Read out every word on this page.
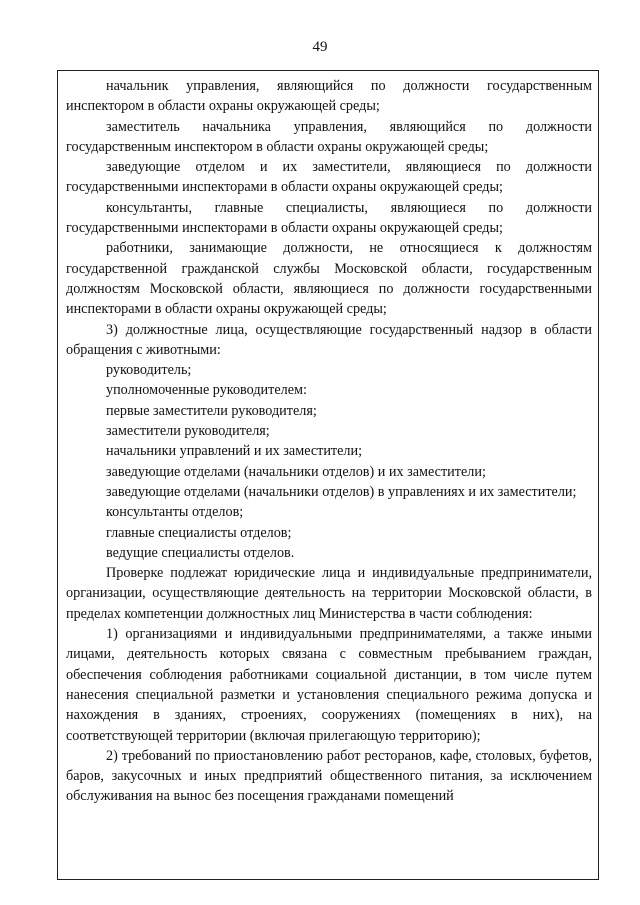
49

начальник управления, являющийся по должности государственным инспектором в области охраны окружающей среды;

заместитель начальника управления, являющийся по должности государственным инспектором в области охраны окружающей среды;

заведующие отделом и их заместители, являющиеся по должности государственными инспекторами в области охраны окружающей среды;

консультанты, главные специалисты, являющиеся по должности государственными инспекторами в области охраны окружающей среды;

работники, занимающие должности, не относящиеся к должностям государственной гражданской службы Московской области, государственным должностям Московской области, являющиеся по должности государственными инспекторами в области охраны окружающей среды;

3) должностные лица, осуществляющие государственный надзор в области обращения с животными:

руководитель;

уполномоченные руководителем:

первые заместители руководителя;

заместители руководителя;

начальники управлений и их заместители;

заведующие отделами (начальники отделов) и их заместители;

заведующие отделами (начальники отделов) в управлениях и их заместители;

консультанты отделов;

главные специалисты отделов;

ведущие специалисты отделов.

Проверке подлежат юридические лица и индивидуальные предприниматели, организации, осуществляющие деятельность на территории Московской области, в пределах компетенции должностных лиц Министерства в части соблюдения:

1) организациями и индивидуальными предпринимателями, а также иными лицами, деятельность которых связана с совместным пребыванием граждан, обеспечения соблюдения работниками социальной дистанции, в том числе путем нанесения специальной разметки и установления специального режима допуска и нахождения в зданиях, строениях, сооружениях (помещениях в них), на соответствующей территории (включая прилегающую территорию);

2) требований по приостановлению работ ресторанов, кафе, столовых, буфетов, баров, закусочных и иных предприятий общественного питания, за исключением обслуживания на вынос без посещения гражданами помещений
